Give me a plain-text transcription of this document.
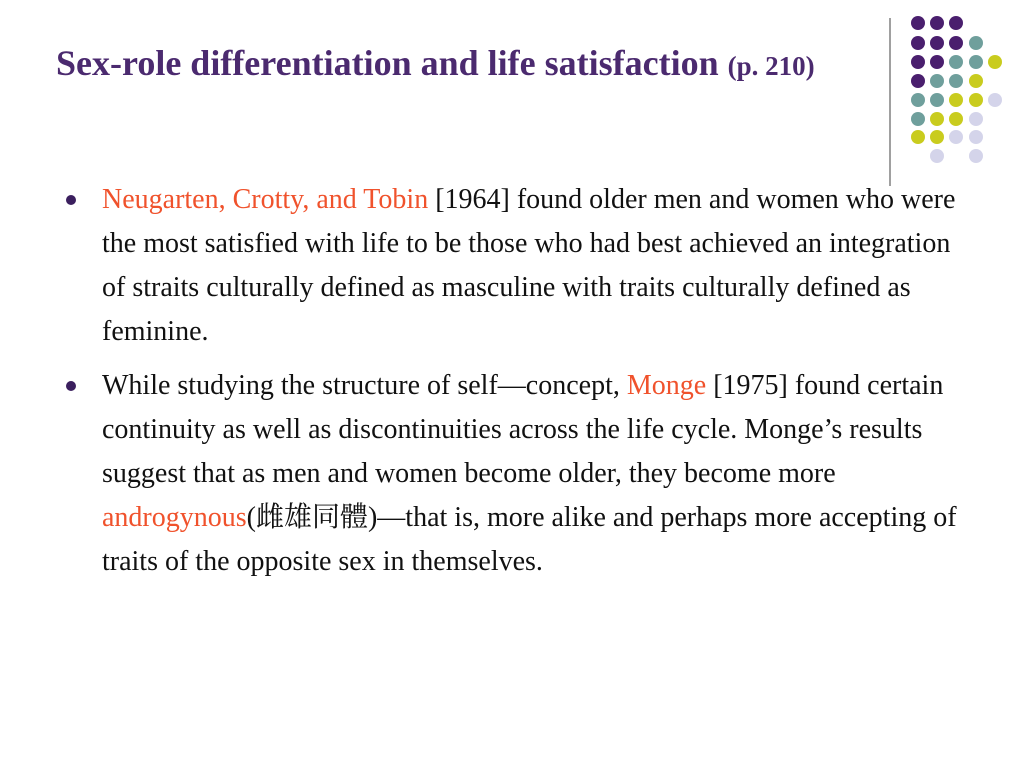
Sex-role differentiation and life satisfaction (p. 210)
Neugarten, Crotty, and Tobin [1964] found older men and women who were the most satisfied with life to be those who had best achieved an integration of straits culturally defined as masculine with traits culturally defined as feminine.
While studying the structure of self—concept, Monge [1975] found certain continuity as well as discontinuities across the life cycle. Monge’s results suggest that as men and women become older, they become more androgynous(雌雄同體)—that is, more alike and perhaps more accepting of traits of the opposite sex in themselves.
